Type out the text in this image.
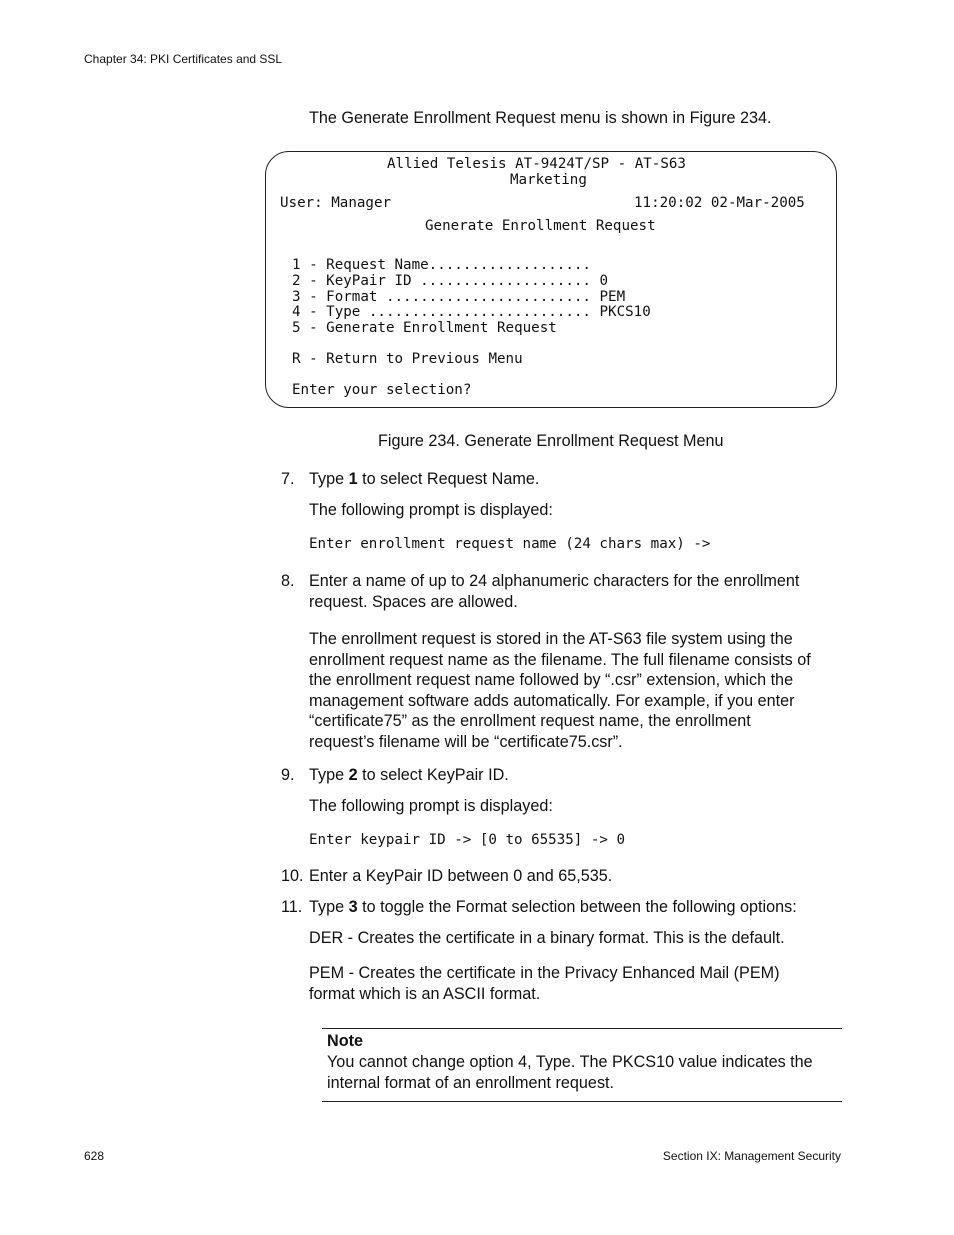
Chapter 34: PKI Certificates and SSL
The Generate Enrollment Request menu is shown in Figure 234.
Allied Telesis AT-9424T/SP - AT-S63
Marketing
User: Manager	11:20:02 02-Mar-2005
Generate Enrollment Request
1 - Request Name...................
2 - KeyPair ID .................... 0
3 - Format ........................ PEM
4 - Type .......................... PKCS10
5 - Generate Enrollment Request
R - Return to Previous Menu
Enter your selection?
Figure 234. Generate Enrollment Request Menu
7. Type 1 to select Request Name.
The following prompt is displayed:
Enter enrollment request name (24 chars max) ->
8. Enter a name of up to 24 alphanumeric characters for the enrollment
request. Spaces are allowed.
The enrollment request is stored in the AT-S63 file system using the
enrollment request name as the filename. The full filename consists of
the enrollment request name followed by “.csr” extension, which the
management software adds automatically. For example, if you enter
“certificate75” as the enrollment request name, the enrollment
request’s filename will be “certificate75.csr”.
9. Type 2 to select KeyPair ID.
The following prompt is displayed:
Enter keypair ID -> [0 to 65535] -> 0
10. Enter a KeyPair ID between 0 and 65,535.
11. Type 3 to toggle the Format selection between the following options:
DER - Creates the certificate in a binary format. This is the default.
PEM - Creates the certificate in the Privacy Enhanced Mail (PEM)
format which is an ASCII format.
Note
You cannot change option 4, Type. The PKCS10 value indicates the
internal format of an enrollment request.
628	Section IX: Management Security
